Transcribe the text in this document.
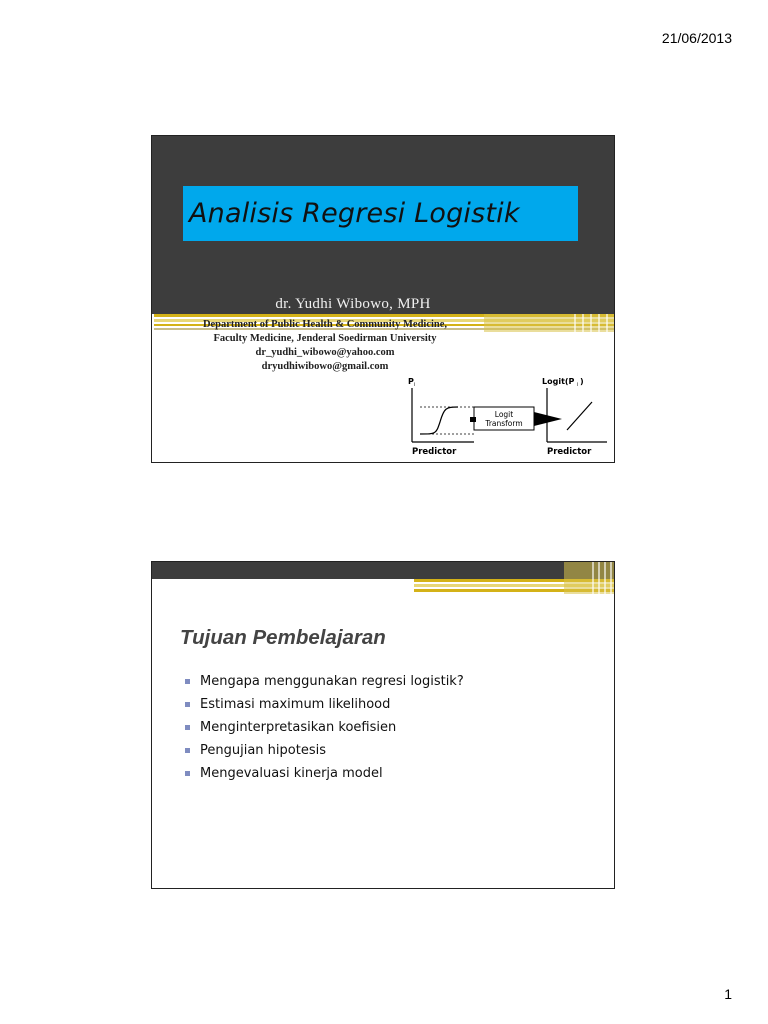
21/06/2013
Analisis Regresi Logistik
dr. Yudhi Wibowo, MPH
Department of Public Health & Community Medicine,
Faculty Medicine, Jenderal Soedirman University
dr_yudhi_wibowo@yahoo.com
dryudhiwibowo@gmail.com
P i
Predictor
Logit
Transform
Logit(P i )
Predictor
Tujuan Pembelajaran
Mengapa menggunakan regresi logistik?
Estimasi maximum likelihood
Menginterpretasikan koefisien
Pengujian hipotesis
Mengevaluasi kinerja model
1
